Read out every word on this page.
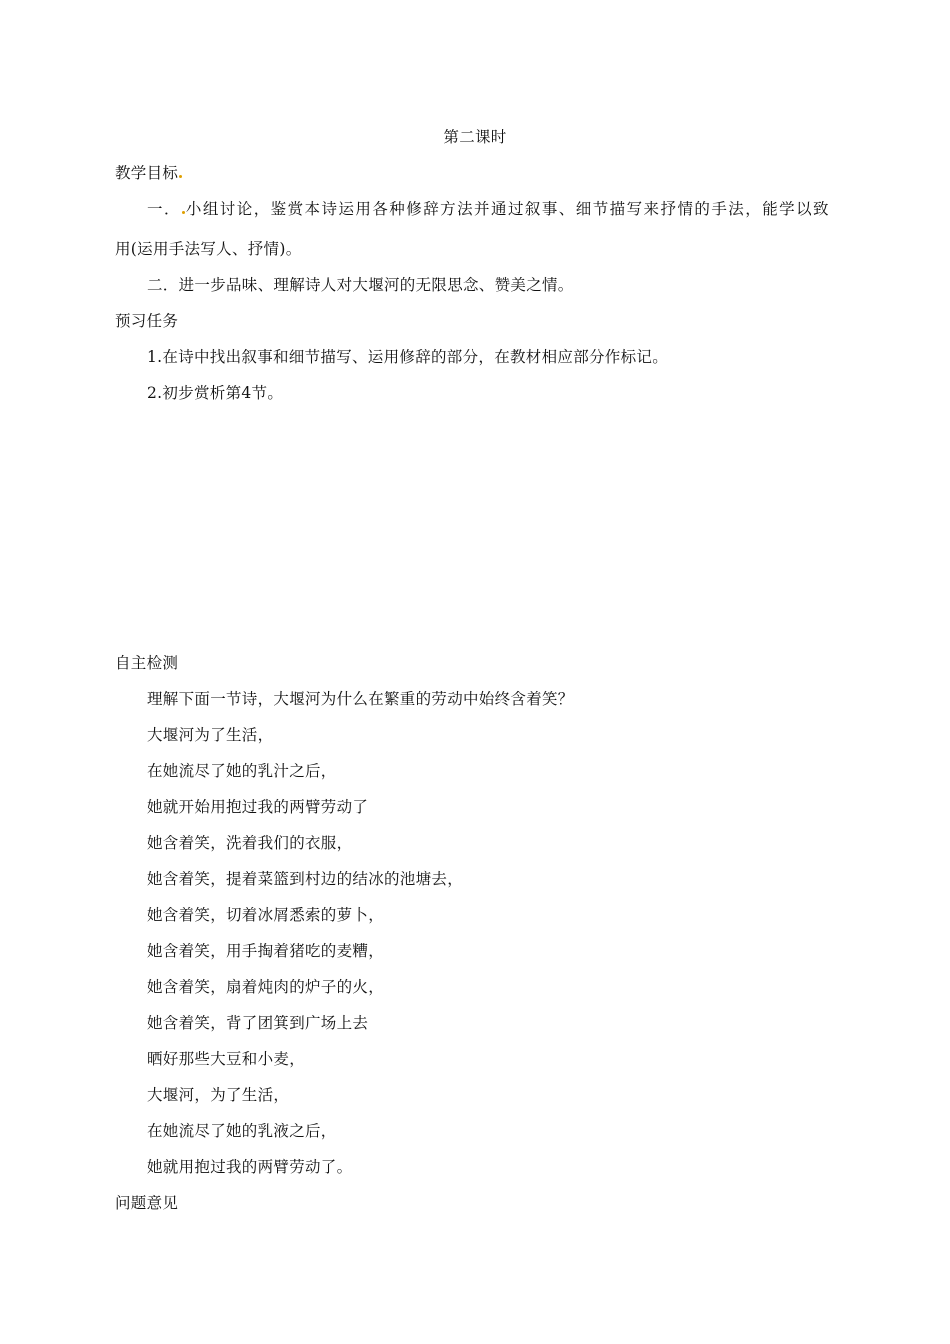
第二课时
教学目标
一． 小组讨论，鉴赏本诗运用各种修辞方法并通过叙事、细节描写来抒情的手法，能学以致
用(运用手法写人、抒情)。
二．进一步品味、理解诗人对大堰河的无限思念、赞美之情。
预习任务
1.在诗中找出叙事和细节描写、运用修辞的部分，在教材相应部分作标记。
2.初步赏析第4节。
自主检测
理解下面一节诗，大堰河为什么在繁重的劳动中始终含着笑？
大堰河为了生活，
在她流尽了她的乳汁之后，
她就开始用抱过我的两臂劳动了
她含着笑，洗着我们的衣服，
她含着笑，提着菜篮到村边的结冰的池塘去，
她含着笑，切着冰屑悉索的萝卜，
她含着笑，用手掏着猪吃的麦糟，
她含着笑，扇着炖肉的炉子的火，
她含着笑，背了团箕到广场上去
晒好那些大豆和小麦，
大堰河，为了生活，
在她流尽了她的乳液之后，
她就用抱过我的两臂劳动了。
问题意见
